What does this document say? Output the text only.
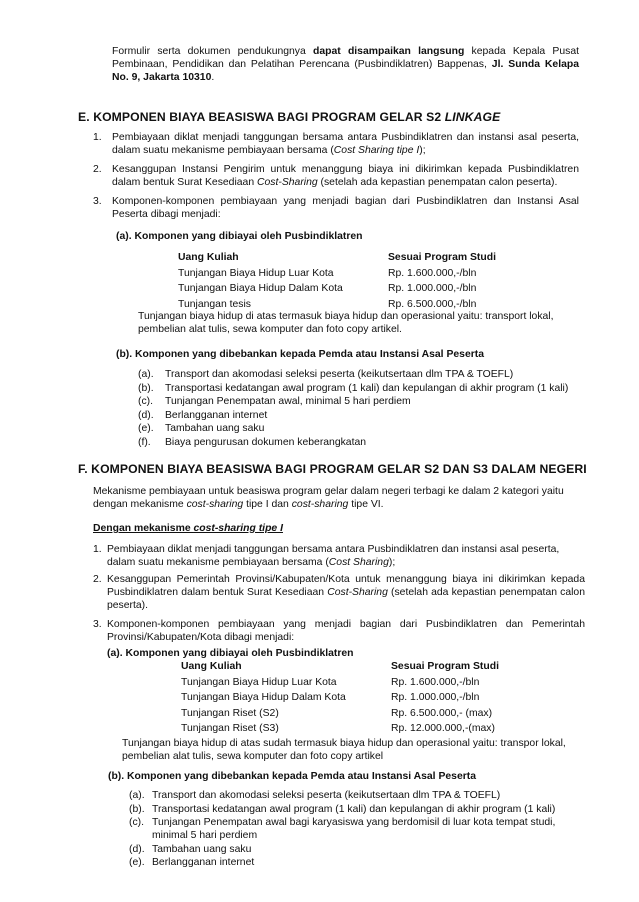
Formulir serta dokumen pendukungnya dapat disampaikan langsung kepada Kepala Pusat Pembinaan, Pendidikan dan Pelatihan Perencana (Pusbindiklatren) Bappenas, Jl. Sunda Kelapa No. 9, Jakarta 10310.
E. KOMPONEN BIAYA BEASISWA BAGI PROGRAM GELAR S2 LINKAGE
1. Pembiayaan diklat menjadi tanggungan bersama antara Pusbindiklatren dan instansi asal peserta, dalam suatu mekanisme pembiayaan bersama (Cost Sharing tipe I);
2. Kesanggupan Instansi Pengirim untuk menanggung biaya ini dikirimkan kepada Pusbindiklatren dalam bentuk Surat Kesediaan Cost-Sharing (setelah ada kepastian penempatan calon peserta).
3. Komponen-komponen pembiayaan yang menjadi bagian dari Pusbindiklatren dan Instansi Asal Peserta dibagi menjadi:
(a). Komponen yang dibiayai oleh Pusbindiklatren
Uang Kuliah	Sesuai Program Studi
Tunjangan Biaya Hidup Luar Kota	Rp. 1.600.000,-/bln
Tunjangan Biaya Hidup Dalam Kota	Rp. 1.000.000,-/bln
Tunjangan tesis	Rp. 6.500.000,-/bln
Tunjangan biaya hidup di atas termasuk biaya hidup dan operasional yaitu: transport lokal, pembelian alat tulis, sewa komputer dan foto copy artikel.
(b). Komponen yang dibebankan kepada Pemda atau Instansi Asal Peserta
(a). Transport dan akomodasi seleksi peserta (keikutsertaan dlm TPA & TOEFL)
(b). Transportasi kedatangan awal program (1 kali) dan kepulangan di akhir program (1 kali)
(c). Tunjangan Penempatan awal, minimal 5 hari perdiem
(d). Berlangganan internet
(e). Tambahan uang saku
(f). Biaya pengurusan dokumen keberangkatan
F. KOMPONEN BIAYA BEASISWA BAGI PROGRAM GELAR S2 DAN S3 DALAM NEGERI
Mekanisme pembiayaan untuk beasiswa program gelar dalam negeri terbagi ke dalam 2 kategori yaitu dengan mekanisme cost-sharing tipe I dan cost-sharing tipe VI.
Dengan mekanisme cost-sharing tipe I
1. Pembiayaan diklat menjadi tanggungan bersama antara Pusbindiklatren dan instansi asal peserta, dalam suatu mekanisme pembiayaan bersama (Cost Sharing);
2. Kesanggupan Pemerintah Provinsi/Kabupaten/Kota untuk menanggung biaya ini dikirimkan kepada Pusbindiklatren dalam bentuk Surat Kesediaan Cost-Sharing (setelah ada kepastian penempatan calon peserta).
3. Komponen-komponen pembiayaan yang menjadi bagian dari Pusbindiklatren dan Pemerintah Provinsi/Kabupaten/Kota dibagi menjadi:
(a). Komponen yang dibiayai oleh Pusbindiklatren
Uang Kuliah	Sesuai Program Studi
Tunjangan Biaya Hidup Luar Kota	Rp. 1.600.000,-/bln
Tunjangan Biaya Hidup Dalam Kota	Rp. 1.000.000,-/bln
Tunjangan Riset (S2)	Rp. 6.500.000,- (max)
Tunjangan Riset (S3)	Rp. 12.000.000,-(max)
Tunjangan biaya hidup di atas sudah termasuk biaya hidup dan operasional yaitu: transpor lokal, pembelian alat tulis, sewa komputer dan foto copy artikel
(b). Komponen yang dibebankan kepada Pemda atau Instansi Asal Peserta
(a). Transport dan akomodasi seleksi peserta (keikutsertaan dlm TPA & TOEFL)
(b). Transportasi kedatangan awal program (1 kali) dan kepulangan di akhir program (1 kali)
(c). Tunjangan Penempatan awal bagi karyasiswa yang berdomisil di luar kota tempat studi, minimal 5 hari perdiem
(d). Tambahan uang saku
(e). Berlangganan internet
